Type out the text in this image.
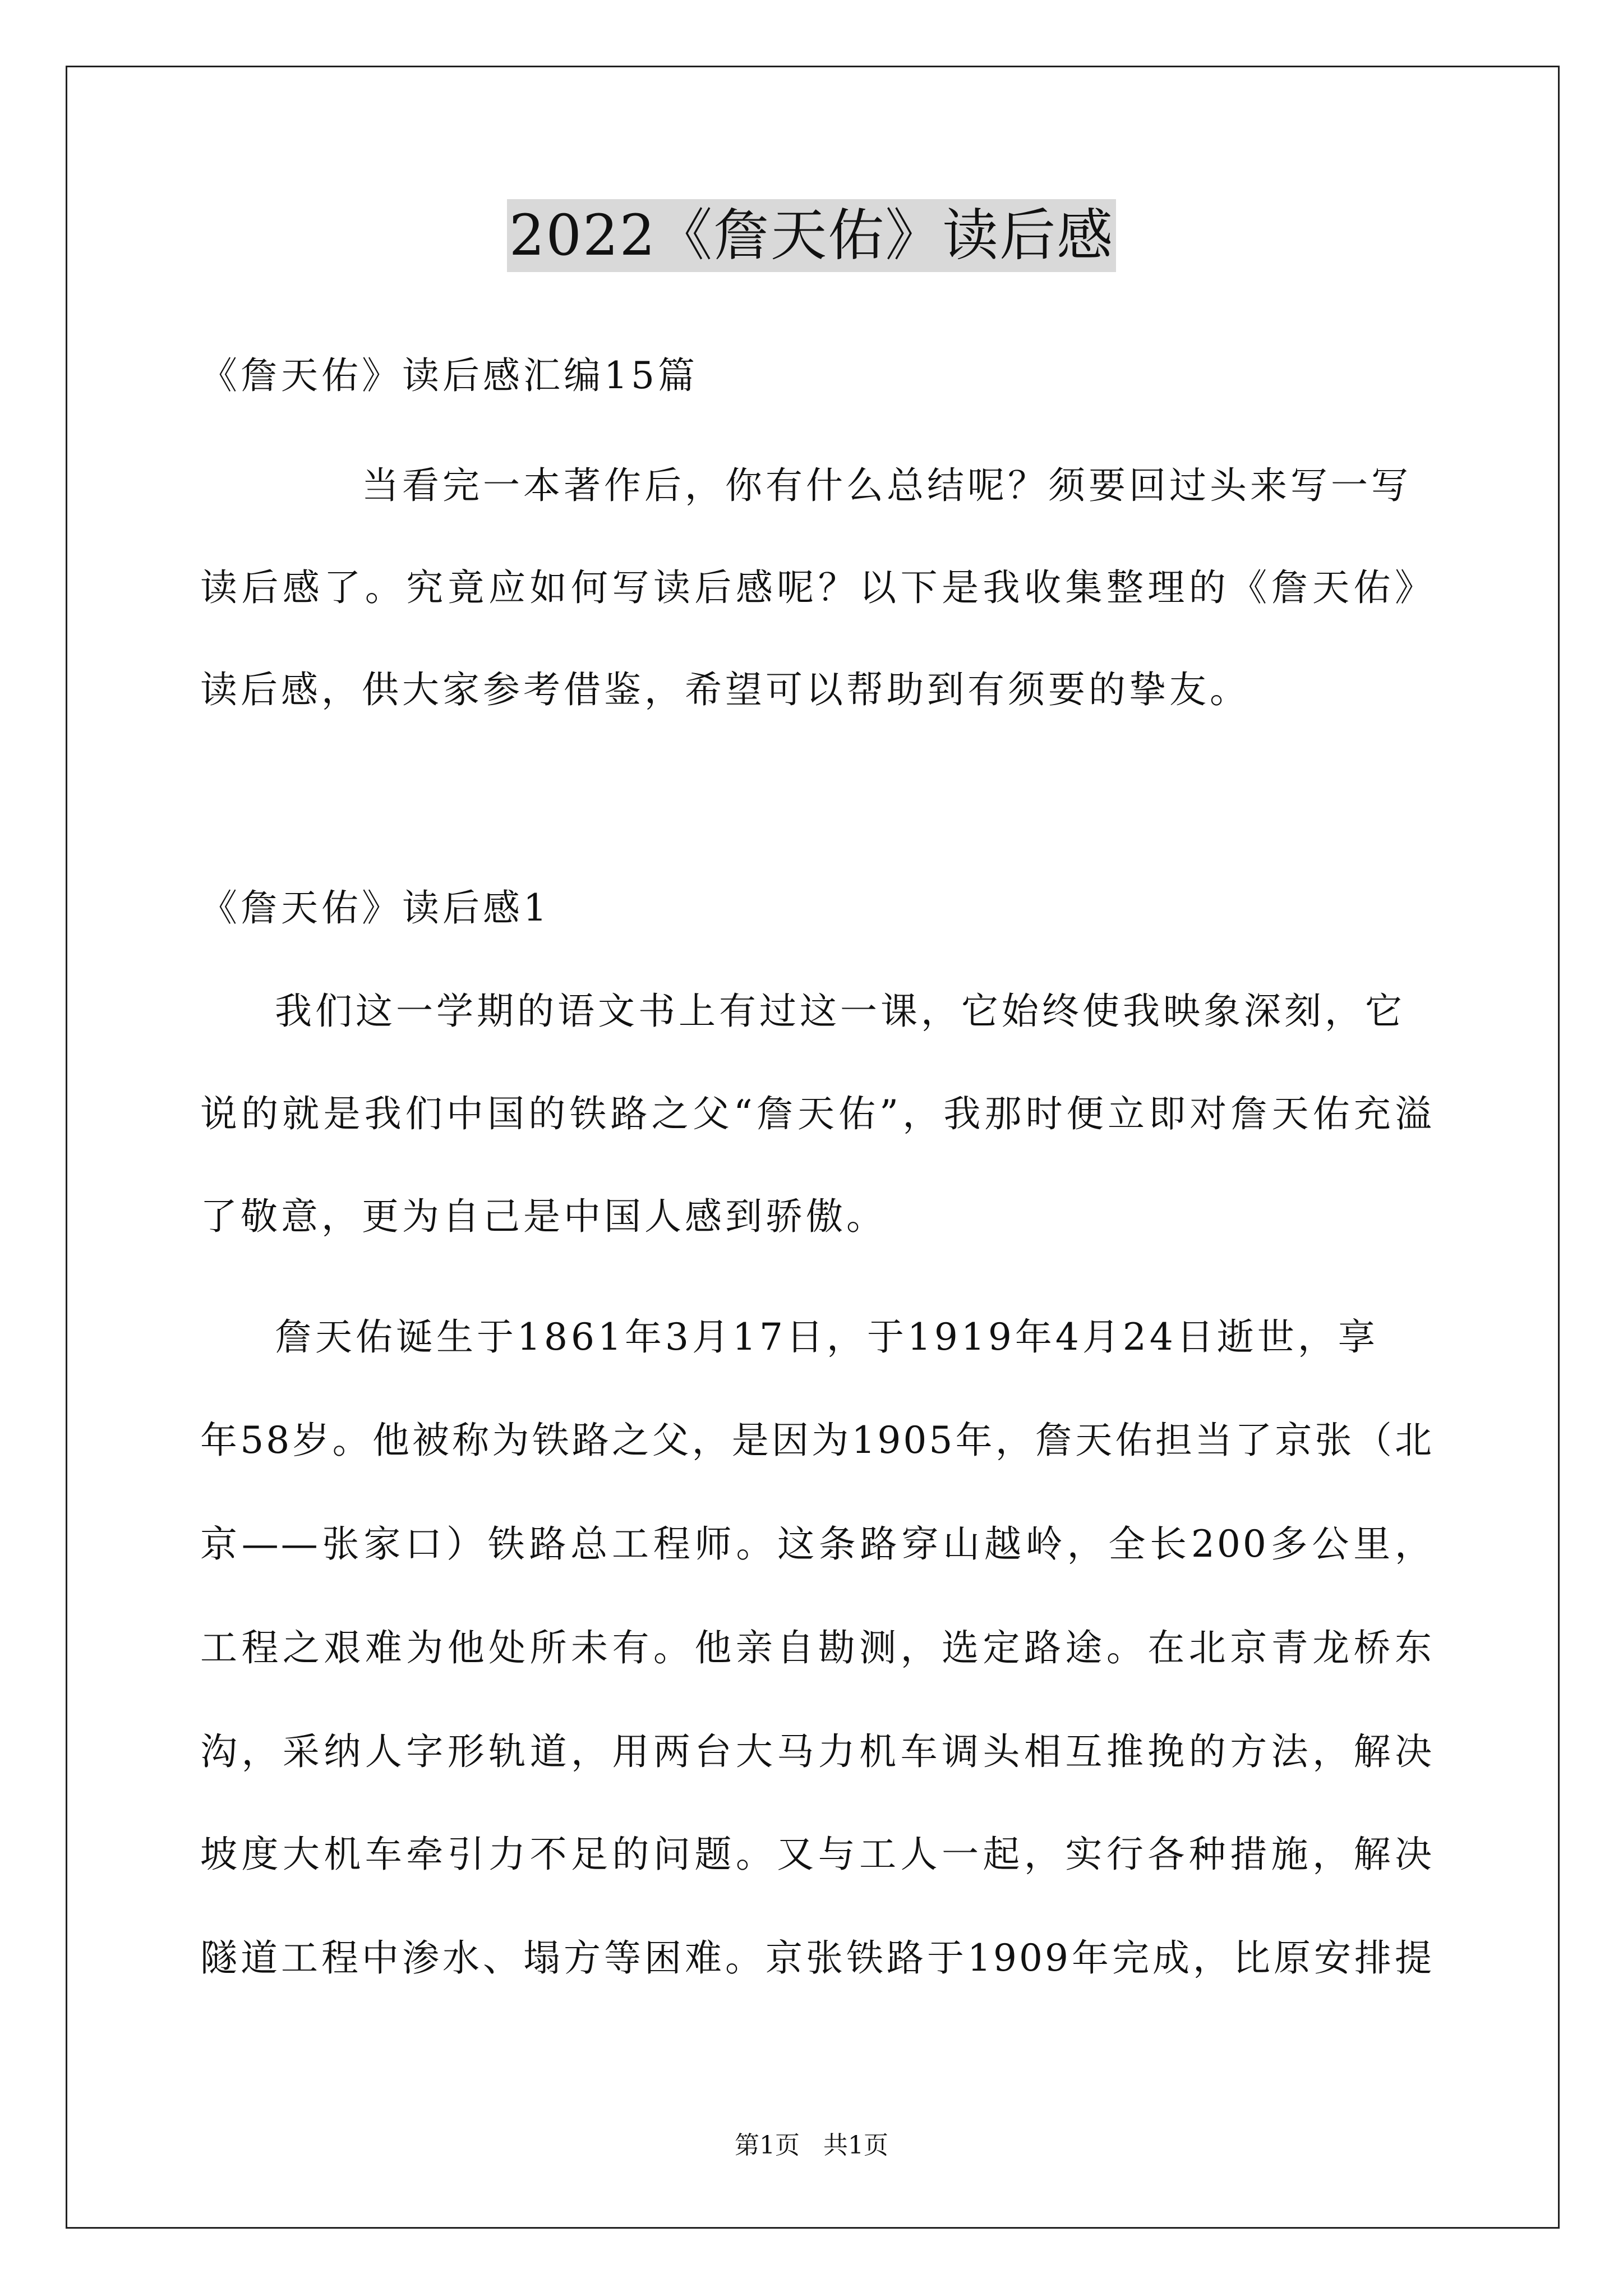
2022《詹天佑》读后感
《詹天佑》读后感汇编15篇
当看完一本著作后，你有什么总结呢？须要回过头来写一写
读后感了。究竟应如何写读后感呢？以下是我收集整理的《詹天佑》
读后感，供大家参考借鉴，希望可以帮助到有须要的挚友。
《詹天佑》读后感1
我们这一学期的语文书上有过这一课，它始终使我映象深刻，它
说的就是我们中国的铁路之父“詹天佑”，我那时便立即对詹天佑充溢
了敬意，更为自己是中国人感到骄傲。
詹天佑诞生于1861年3月17日，于1919年4月24日逝世，享
年58岁。他被称为铁路之父，是因为1905年，詹天佑担当了京张（北
京——张家口）铁路总工程师。这条路穿山越岭，全长200多公里，
工程之艰难为他处所未有。他亲自勘测，选定路途。在北京青龙桥东
沟，采纳人字形轨道，用两台大马力机车调头相互推挽的方法，解决
坡度大机车牵引力不足的问题。又与工人一起，实行各种措施，解决
隧道工程中渗水、塌方等困难。京张铁路于1909年完成，比原安排提
第1页 共1页
